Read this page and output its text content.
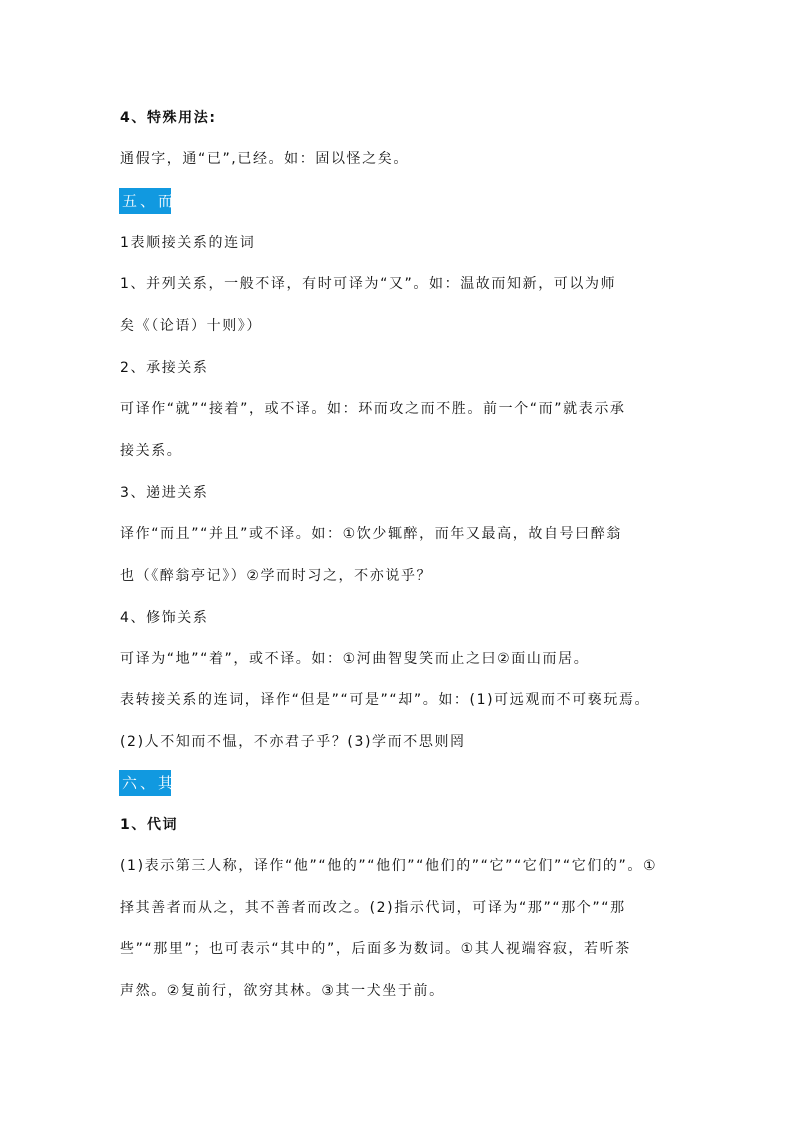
4、特殊用法:
通假字，通“已”,已经。如：固以怪之矣。
五、而
1表顺接关系的连词
1、并列关系，一般不译，有时可译为“又”。如：温故而知新，可以为师
矣《（论语）十则》）
2、承接关系
可译作“就”“接着”，或不译。如：环而攻之而不胜。前一个“而”就表示承
接关系。
3、递进关系
译作“而且”“并且”或不译。如：①饮少辄醉，而年又最高，故自号曰醉翁
也（《醉翁亭记》）②学而时习之，不亦说乎？
4、修饰关系
可译为“地”“着”，或不译。如：①河曲智叟笑而止之曰②面山而居。
表转接关系的连词，译作“但是”“可是”“却”。如：(1)可远观而不可亵玩焉。
(2)人不知而不愠，不亦君子乎？(3)学而不思则罔
六、其
1、代词
(1)表示第三人称，译作“他”“他的”“他们”“他们的”“它”“它们”“它们的”。①
择其善者而从之，其不善者而改之。(2)指示代词，可译为“那”“那个”“那
些”“那里”；也可表示“其中的”，后面多为数词。①其人视端容寂，若听茶
声然。②复前行，欲穷其林。③其一犬坐于前。
